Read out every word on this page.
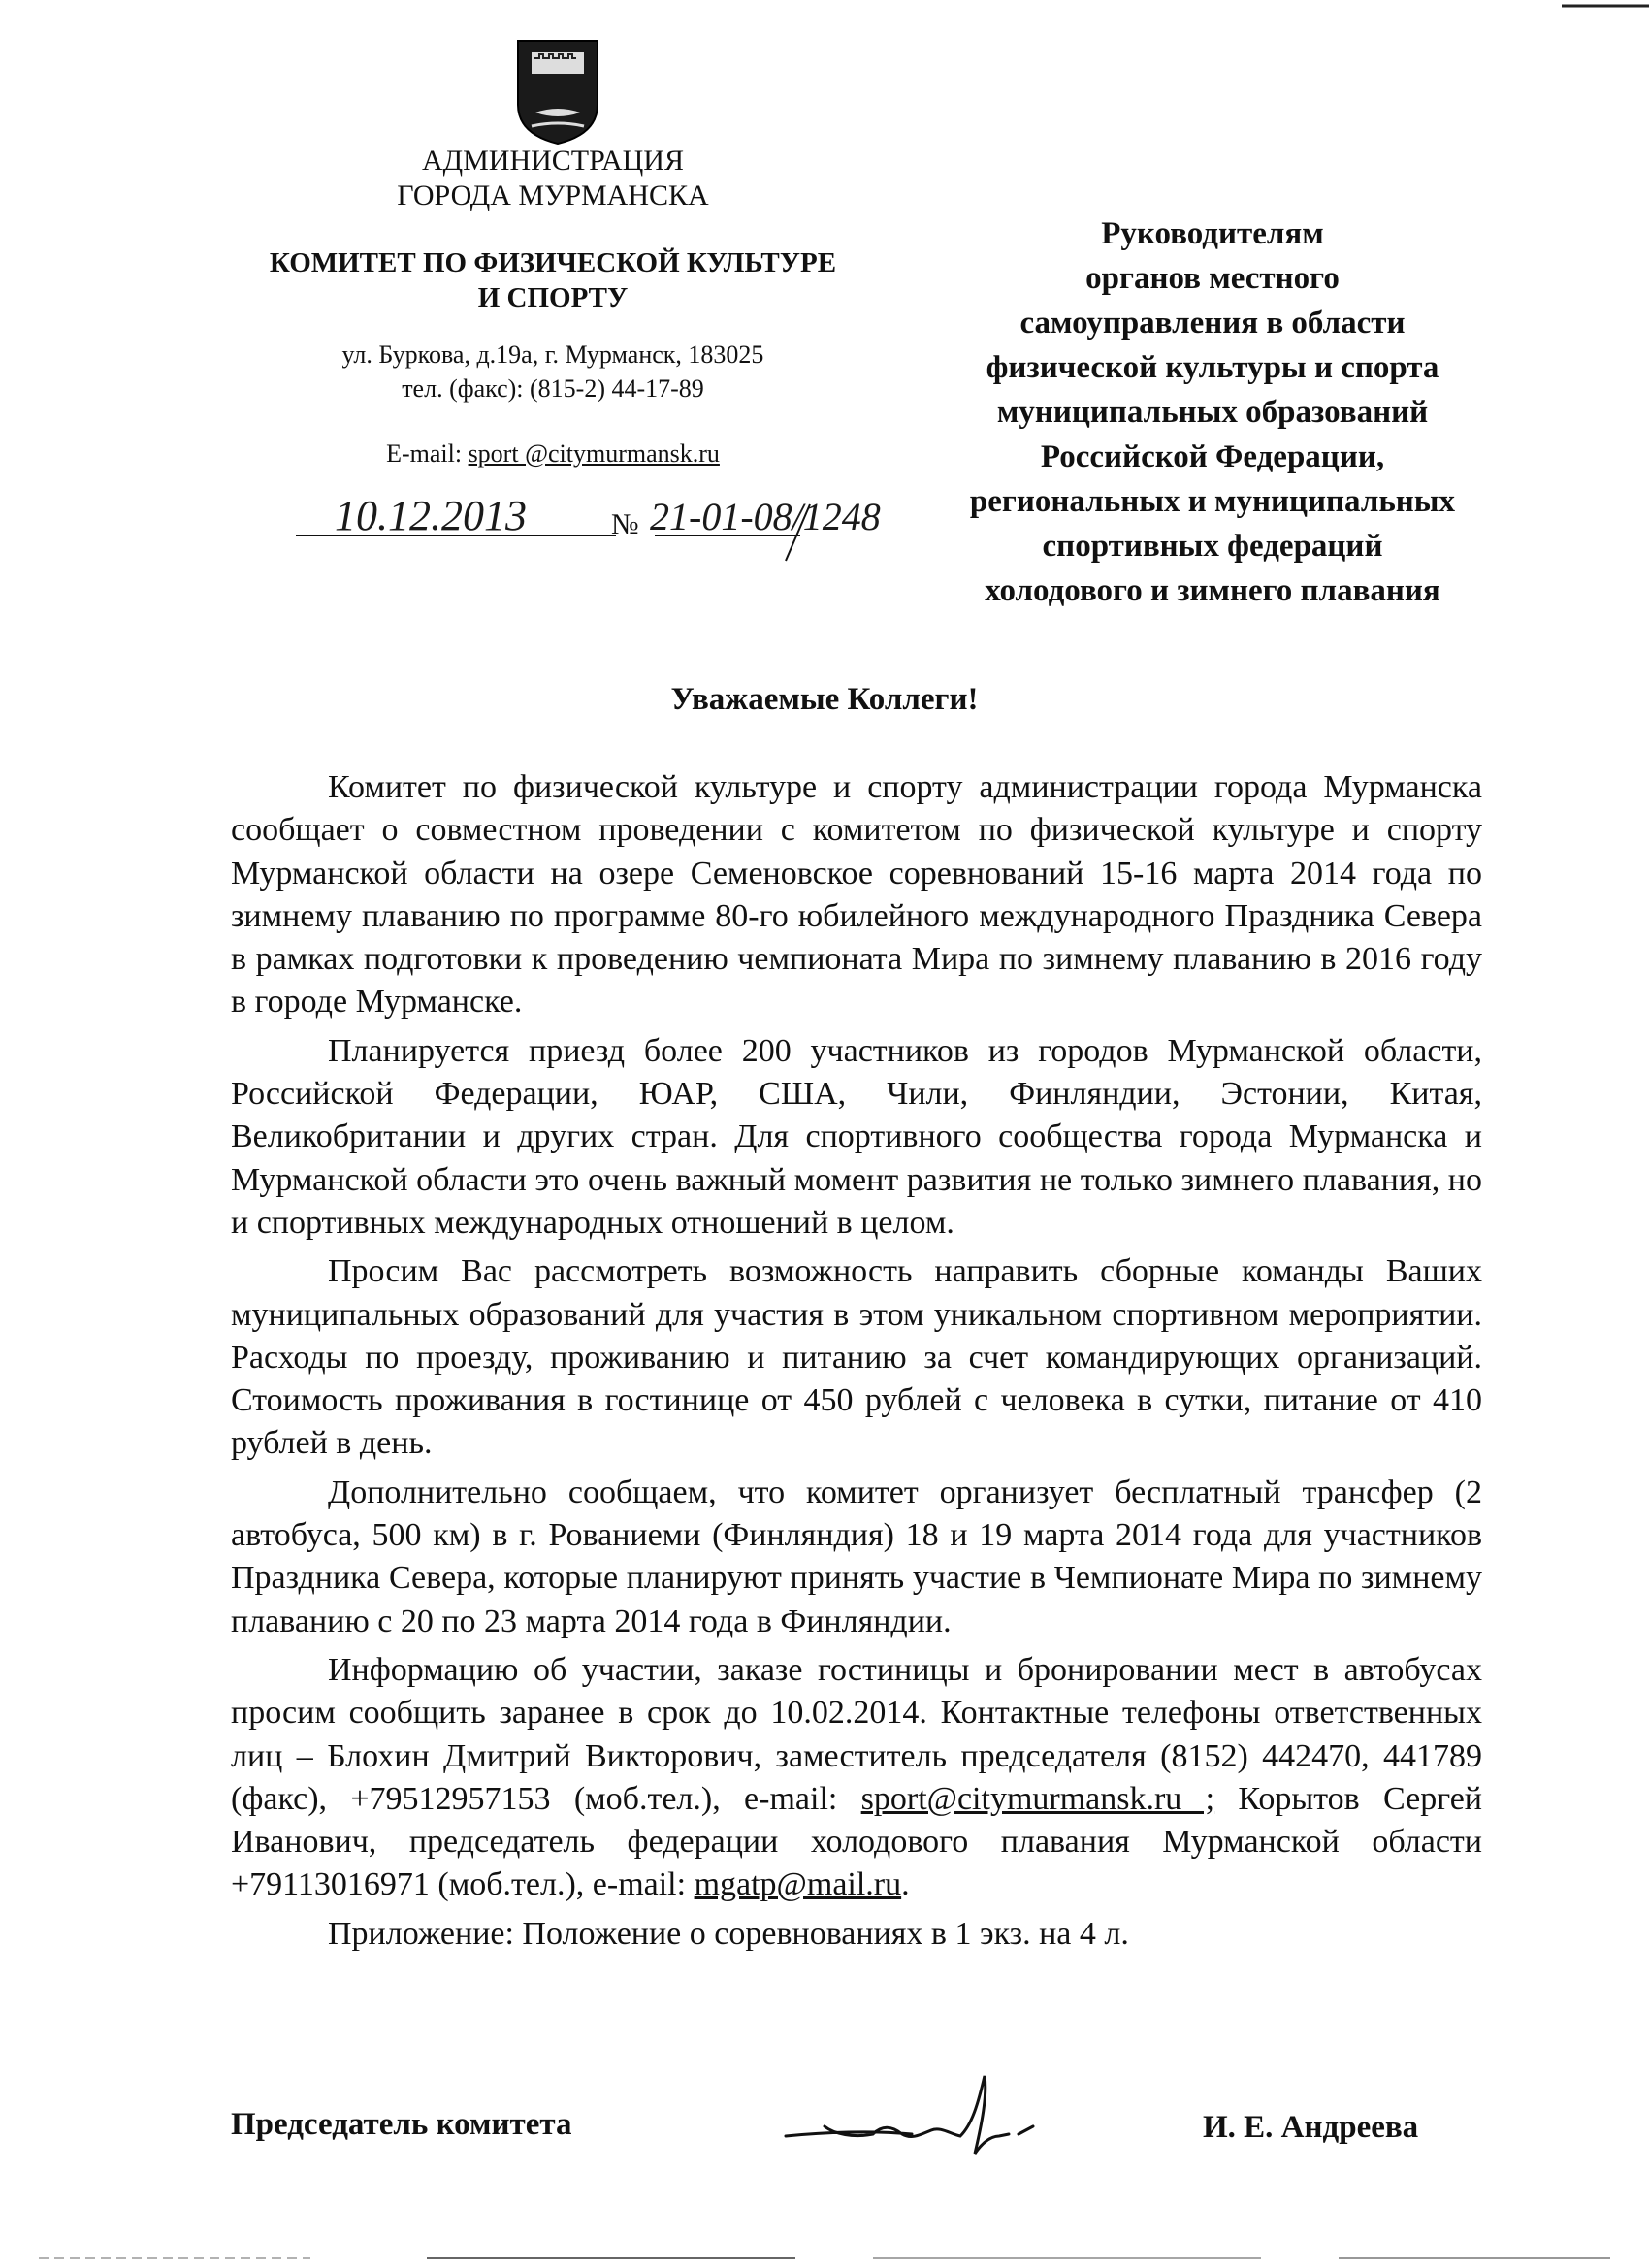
АДМИНИСТРАЦИЯ
ГОРОДА МУРМАНСКА
КОМИТЕТ ПО ФИЗИЧЕСКОЙ КУЛЬТУРЕ
И СПОРТУ
ул. Буркова, д.19а, г. Мурманск, 183025
тел. (факс): (815-2) 44-17-89
E-mail: sport @citymurmansk.ru
10.12.2013	№ 21-01-08/1248
Руководителям
органов местного
самоуправления в области
физической культуры и спорта
муниципальных образований
Российской Федерации,
региональных и муниципальных
спортивных федераций
холодового и зимнего плавания
Уважаемые Коллеги!

Комитет по физической культуре и спорту администрации города Мурманска сообщает о совместном проведении с комитетом по физической культуре и спорту Мурманской области на озере Семеновское соревнований 15-16 марта 2014 года по зимнему плаванию по программе 80-го юбилейного международного Праздника Севера в рамках подготовки к проведению чемпионата Мира по зимнему плаванию в 2016 году в городе Мурманске.

Планируется приезд более 200 участников из городов Мурманской области, Российской Федерации, ЮАР, США, Чили, Финляндии, Эстонии, Китая, Великобритании и других стран. Для спортивного сообщества города Мурманска и Мурманской области это очень важный момент развития не только зимнего плавания, но и спортивных международных отношений в целом.

Просим Вас рассмотреть возможность направить сборные команды Ваших муниципальных образований для участия в этом уникальном спортивном мероприятии. Расходы по проезду, проживанию и питанию за счет командирующих организаций. Стоимость проживания в гостинице от 450 рублей с человека в сутки, питание от 410 рублей в день.

Дополнительно сообщаем, что комитет организует бесплатный трансфер (2 автобуса, 500 км) в г. Рованиеми (Финляндия) 18 и 19 марта 2014 года для участников Праздника Севера, которые планируют принять участие в Чемпионате Мира по зимнему плаванию с 20 по 23 марта 2014 года в Финляндии.

Информацию об участии, заказе гостиницы и бронировании мест в автобусах просим сообщить заранее в срок до 10.02.2014. Контактные телефоны ответственных лиц – Блохин Дмитрий Викторович, заместитель председателя (8152) 442470, 441789 (факс), +79512957153 (моб.тел.), e-mail: sport@citymurmansk.ru ; Корытов Сергей Иванович, председатель федерации холодового плавания Мурманской области +79113016971 (моб.тел.), e-mail: mgatp@mail.ru.

Приложение: Положение о соревнованиях в 1 экз. на 4 л.

Председатель комитета	И. Е. Андреева
